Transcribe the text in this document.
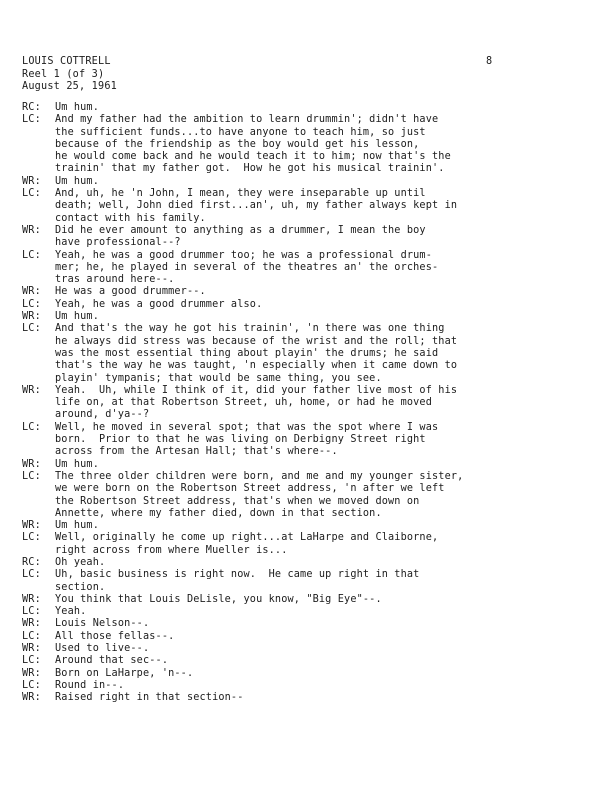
LOUIS COTTRELL
Reel 1 (of 3)
August 25, 1961
8
RC:	Um hum.
LC:	And my father had the ambition to learn drummin'; didn't have
the sufficient funds...to have anyone to teach him, so just
because of the friendship as the boy would get his lesson,
he would come back and he would teach it to him; now that's the
trainin' that my father got.  How he got his musical trainin'.
WR:	Um hum.
LC:	And, uh, he 'n John, I mean, they were inseparable up until
death; well, John died first...an', uh, my father always kept in
contact with his family.
WR:	Did he ever amount to anything as a drummer, I mean the boy
have professional--?
LC:	Yeah, he was a good drummer too; he was a professional drum-
mer; he, he played in several of the theatres an' the orches-
tras around here--.
WR:	He was a good drummer--.
LC:	Yeah, he was a good drummer also.
WR:	Um hum.
LC:	And that's the way he got his trainin', 'n there was one thing
he always did stress was because of the wrist and the roll; that
was the most essential thing about playin' the drums; he said
that's the way he was taught, 'n especially when it came down to
playin' tympanis; that would be same thing, you see.
WR:	Yeah.  Uh, while I think of it, did your father live most of his
life on, at that Robertson Street, uh, home, or had he moved
around, d'ya--?
LC:	Well, he moved in several spot; that was the spot where I was
born.  Prior to that he was living on Derbigny Street right
across from the Artesan Hall; that's where--.
WR:	Um hum.
LC:	The three older children were born, and me and my younger sister,
we were born on the Robertson Street address, 'n after we left
the Robertson Street address, that's when we moved down on
Annette, where my father died, down in that section.
WR:	Um hum.
LC:	Well, originally he come up right...at LaHarpe and Claiborne,
right across from where Mueller is...
RC:	Oh yeah.
LC:	Uh, basic business is right now.  He came up right in that
section.
WR:	You think that Louis DeLisle, you know, "Big Eye"--.
LC:	Yeah.
WR:	Louis Nelson--.
LC:	All those fellas--.
WR:	Used to live--.
LC:	Around that sec--.
WR:	Born on LaHarpe, 'n--.
LC:	Round in--.
WR:	Raised right in that section--
